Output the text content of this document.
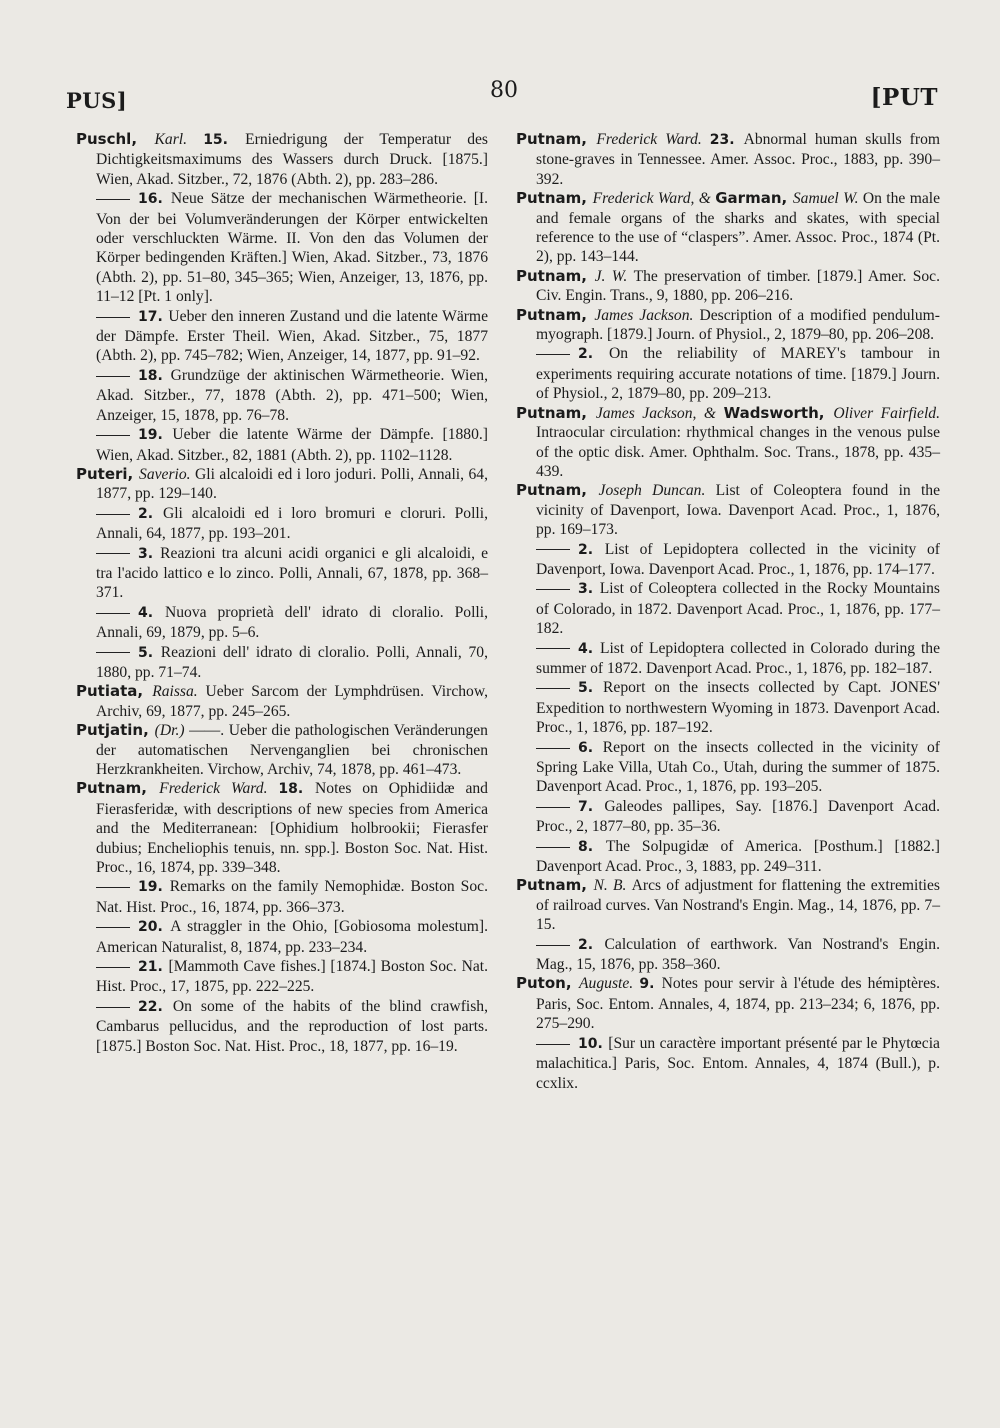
PUS]	80	[PUT

Puschl, Karl. 15. Erniedrigung der Temperatur des Dichtigkeitsmaximums des Wassers durch Druck. [1875.] Wien, Akad. Sitzber., 72, 1876 (Abth. 2), pp. 283–286.

16. Neue Sätze der mechanischen Wärmetheorie. [I. Von der bei Volumveränderungen der Körper entwickelten oder verschluckten Wärme. II. Von den das Volumen der Körper bedingenden Kräften.] Wien, Akad. Sitzber., 73, 1876 (Abth. 2), pp. 51–80, 345–365; Wien, Anzeiger, 13, 1876, pp. 11–12 [Pt. 1 only].

17. Ueber den inneren Zustand und die latente Wärme der Dämpfe. Erster Theil. Wien, Akad. Sitzber., 75, 1877 (Abth. 2), pp. 745–782; Wien, Anzeiger, 14, 1877, pp. 91–92.

18. Grundzüge der aktinischen Wärmetheorie. Wien, Akad. Sitzber., 77, 1878 (Abth. 2), pp. 471–500; Wien, Anzeiger, 15, 1878, pp. 76–78.

19. Ueber die latente Wärme der Dämpfe. [1880.] Wien, Akad. Sitzber., 82, 1881 (Abth. 2), pp. 1102–1128.

Puteri, Saverio. Gli alcaloidi ed i loro joduri. Polli, Annali, 64, 1877, pp. 129–140.

2. Gli alcaloidi ed i loro bromuri e cloruri. Polli, Annali, 64, 1877, pp. 193–201.

3. Reazioni tra alcuni acidi organici e gli alcaloidi, e tra l'acido lattico e lo zinco. Polli, Annali, 67, 1878, pp. 368–371.

4. Nuova proprietà dell' idrato di cloralio. Polli, Annali, 69, 1879, pp. 5–6.

5. Reazioni dell' idrato di cloralio. Polli, Annali, 70, 1880, pp. 71–74.

Putiata, Raissa. Ueber Sarcom der Lymphdrüsen. Virchow, Archiv, 69, 1877, pp. 245–265.

Putjatin, (Dr.) ——. Ueber die pathologischen Veränderungen der automatischen Nervenganglien bei chronischen Herzkrankheiten. Virchow, Archiv, 74, 1878, pp. 461–473.

Putnam, Frederick Ward. 18. Notes on Ophidiidæ and Fierasferidæ, with descriptions of new species from America and the Mediterranean: [Ophidium holbrookii; Fierasfer dubius; Encheliophis tenuis, nn. spp.]. Boston Soc. Nat. Hist. Proc., 16, 1874, pp. 339–348.

19. Remarks on the family Nemophidæ. Boston Soc. Nat. Hist. Proc., 16, 1874, pp. 366–373.

20. A straggler in the Ohio, [Gobiosoma molestum]. American Naturalist, 8, 1874, pp. 233–234.

21. [Mammoth Cave fishes.] [1874.] Boston Soc. Nat. Hist. Proc., 17, 1875, pp. 222–225.

22. On some of the habits of the blind crawfish, Cambarus pellucidus, and the reproduction of lost parts. [1875.] Boston Soc. Nat. Hist. Proc., 18, 1877, pp. 16–19.

Putnam, Frederick Ward. 23. Abnormal human skulls from stone-graves in Tennessee. Amer. Assoc. Proc., 1883, pp. 390–392.

Putnam, Frederick Ward, & Garman, Samuel W. On the male and female organs of the sharks and skates, with special reference to the use of “claspers”. Amer. Assoc. Proc., 1874 (Pt. 2), pp. 143–144.

Putnam, J. W. The preservation of timber. [1879.] Amer. Soc. Civ. Engin. Trans., 9, 1880, pp. 206–216.

Putnam, James Jackson. Description of a modified pendulum-myograph. [1879.] Journ. of Physiol., 2, 1879–80, pp. 206–208.

2. On the reliability of MAREY's tambour in experiments requiring accurate notations of time. [1879.] Journ. of Physiol., 2, 1879–80, pp. 209–213.

Putnam, James Jackson, & Wadsworth, Oliver Fairfield. Intraocular circulation: rhythmical changes in the venous pulse of the optic disk. Amer. Ophthalm. Soc. Trans., 1878, pp. 435–439.

Putnam, Joseph Duncan. List of Coleoptera found in the vicinity of Davenport, Iowa. Davenport Acad. Proc., 1, 1876, pp. 169–173.

2. List of Lepidoptera collected in the vicinity of Davenport, Iowa. Davenport Acad. Proc., 1, 1876, pp. 174–177.

3. List of Coleoptera collected in the Rocky Mountains of Colorado, in 1872. Davenport Acad. Proc., 1, 1876, pp. 177–182.

4. List of Lepidoptera collected in Colorado during the summer of 1872. Davenport Acad. Proc., 1, 1876, pp. 182–187.

5. Report on the insects collected by Capt. JONES' Expedition to northwestern Wyoming in 1873. Davenport Acad. Proc., 1, 1876, pp. 187–192.

6. Report on the insects collected in the vicinity of Spring Lake Villa, Utah Co., Utah, during the summer of 1875. Davenport Acad. Proc., 1, 1876, pp. 193–205.

7. Galeodes pallipes, Say. [1876.] Davenport Acad. Proc., 2, 1877–80, pp. 35–36.

8. The Solpugidæ of America. [Posthum.] [1882.] Davenport Acad. Proc., 3, 1883, pp. 249–311.

Putnam, N. B. Arcs of adjustment for flattening the extremities of railroad curves. Van Nostrand's Engin. Mag., 14, 1876, pp. 7–15.

2. Calculation of earthwork. Van Nostrand's Engin. Mag., 15, 1876, pp. 358–360.

Puton, Auguste. 9. Notes pour servir à l'étude des hémiptères. Paris, Soc. Entom. Annales, 4, 1874, pp. 213–234; 6, 1876, pp. 275–290.

10. [Sur un caractère important présenté par le Phytœcia malachitica.] Paris, Soc. Entom. Annales, 4, 1874 (Bull.), p. ccxlix.
